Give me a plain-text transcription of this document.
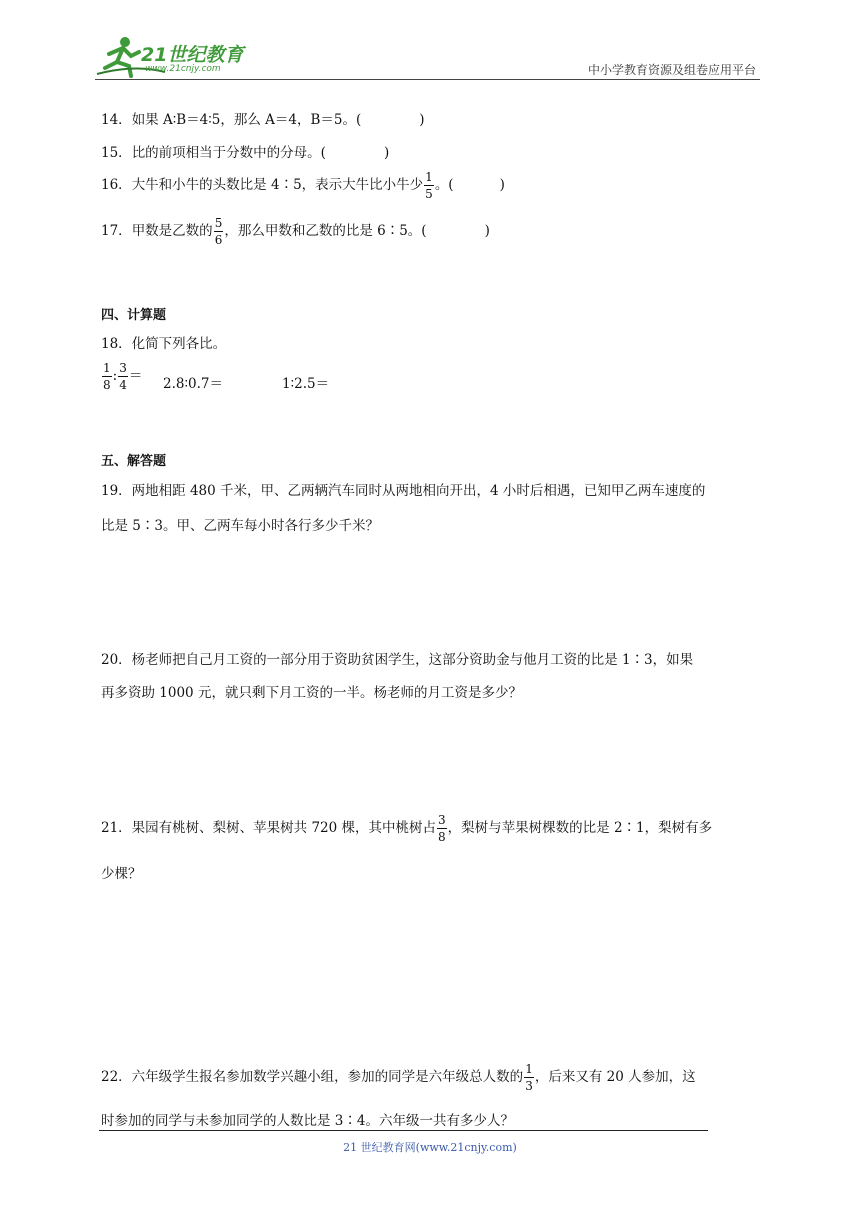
21世纪教育
www.21cnjy.com	中小学教育资源及组卷应用平台
14．如果 A∶B＝4∶5，那么 A＝4，B＝5。(	)
15．比的前项相当于分数中的分母。(	)
16．大牛和小牛的头数比是 4∶5，表示大牛比小牛少 $\frac{1}{5}$ 。(	)
17．甲数是乙数的 $\frac{5}{6}$ ，那么甲数和乙数的比是 6∶5。(	)
四、计算题
18．化简下列各比。
$\frac{1}{8}$ : $\frac{3}{4}$ ＝ 2.8∶0.7＝	1∶2.5＝
五、解答题
19．两地相距 480 千米，甲、乙两辆汽车同时从两地相向开出，4 小时后相遇，已知甲乙两车速度的
比是 5∶3。甲、乙两车每小时各行多少千米？
20．杨老师把自己月工资的一部分用于资助贫困学生，这部分资助金与他月工资的比是 1∶3，如果
再多资助 1000 元，就只剩下月工资的一半。杨老师的月工资是多少？
21．果园有桃树、梨树、苹果树共 720 棵，其中桃树占 $\frac{3}{8}$ ，梨树与苹果树棵数的比是 2∶1，梨树有多
少棵？
22．六年级学生报名参加数学兴趣小组，参加的同学是六年级总人数的 $\frac{1}{3}$ ，后来又有 20 人参加，这
时参加的同学与未参加同学的人数比是 3∶4。六年级一共有多少人？
21 世纪教育网(www.21cnjy.com)
